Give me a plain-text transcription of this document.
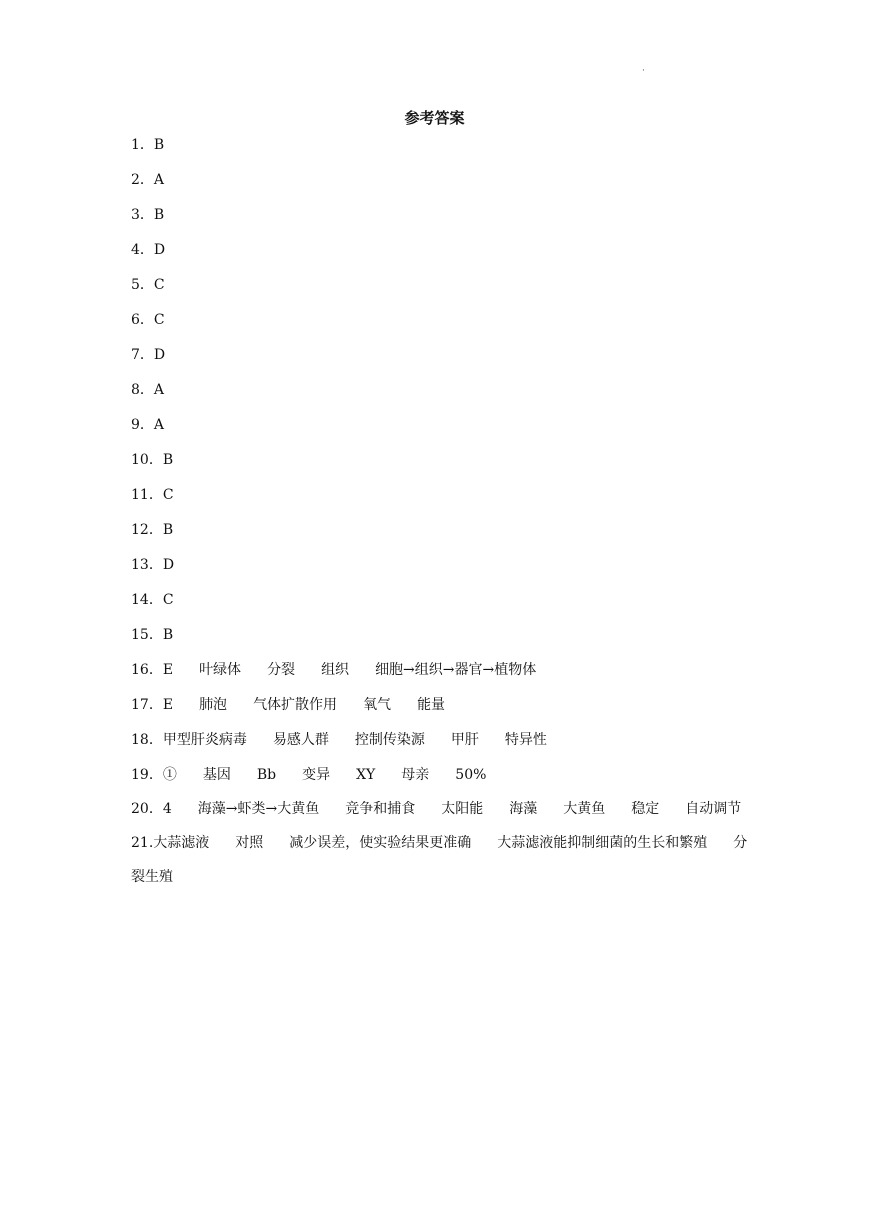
·
参考答案
1．B
2．A
3．B
4．D
5．C
6．C
7．D
8．A
9．A
10．B
11．C
12．B
13．D
14．C
15．B
16．E 叶绿体 分裂 组织 细胞→组织→器官→植物体
17．E 肺泡 气体扩散作用 氧气 能量
18．甲型肝炎病毒 易感人群 控制传染源 甲肝 特异性
19．① 基因 Bb 变异 XY 母亲 50%
20．4 海藻→虾类→大黄鱼 竞争和捕食 太阳能 海藻 大黄鱼 稳定 自动调节
21.大蒜滤液 对照 减少误差，使实验结果更准确 大蒜滤液能抑制细菌的生长和繁殖 分裂生殖
